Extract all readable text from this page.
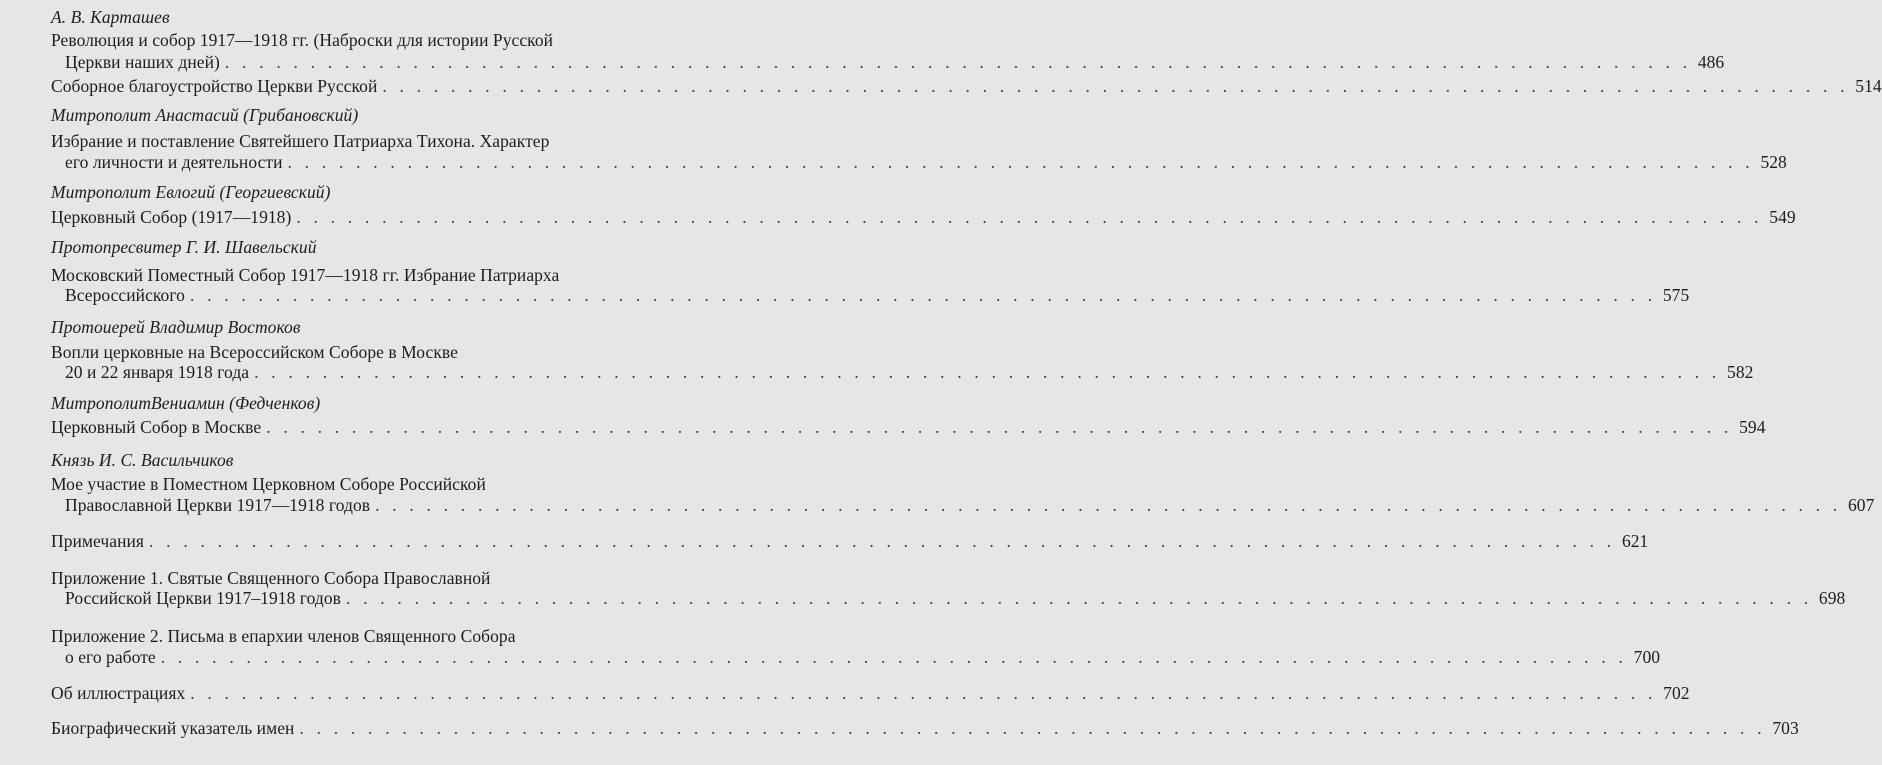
А. В. Карташев
Революция и собор 1917—1918 гг. (Наброски для истории Русской
Церкви наших дней) . . . . . . . . . . . . . . . . . . . . . . . . . . . . . . . . . . . . . . . . . . . . . . . . . . . . . . . . . . . . . . . . . . . . . . . . . . . . . . . . . . . . . . 486
Соборное благоустройство Церкви Русской . . . . . . . . . . . . . . . . . . . . . . . . . . . . . . . . . . . . . . . . . . . . . . . . . . . . . . . . . . . . . . . . . . . . . . . . . . . . . . . . . . . . . . 514
Митрополит Анастасий (Грибановский)
Избрание и поставление Святейшего Патриарха Тихона. Характер
его личности и деятельности . . . . . . . . . . . . . . . . . . . . . . . . . . . . . . . . . . . . . . . . . . . . . . . . . . . . . . . . . . . . . . . . . . . . . . . . . . . . . . . . . . . . . . 528
Митрополит Евлогий (Георгиевский)
Церковный Собор (1917—1918) . . . . . . . . . . . . . . . . . . . . . . . . . . . . . . . . . . . . . . . . . . . . . . . . . . . . . . . . . . . . . . . . . . . . . . . . . . . . . . . . . . . . . . 549
Протопресвитер Г. И. Шавельский
Московский Поместный Собор 1917—1918 гг. Избрание Патриарха
Всероссийского . . . . . . . . . . . . . . . . . . . . . . . . . . . . . . . . . . . . . . . . . . . . . . . . . . . . . . . . . . . . . . . . . . . . . . . . . . . . . . . . . . . . . . 575
Протоиерей Владимир Востоков
Вопли церковные на Всероссийском Соборе в Москве
20 и 22 января 1918 года . . . . . . . . . . . . . . . . . . . . . . . . . . . . . . . . . . . . . . . . . . . . . . . . . . . . . . . . . . . . . . . . . . . . . . . . . . . . . . . . . . . . . . 582
МитрополитВениамин (Федченков)
Церковный Собор в Москве . . . . . . . . . . . . . . . . . . . . . . . . . . . . . . . . . . . . . . . . . . . . . . . . . . . . . . . . . . . . . . . . . . . . . . . . . . . . . . . . . . . . . . 594
Князь И. С. Васильчиков
Мое участие в Поместном Церковном Соборе Российской
Православной Церкви 1917—1918 годов . . . . . . . . . . . . . . . . . . . . . . . . . . . . . . . . . . . . . . . . . . . . . . . . . . . . . . . . . . . . . . . . . . . . . . . . . . . . . . . . . . . . . . 607
Примечания . . . . . . . . . . . . . . . . . . . . . . . . . . . . . . . . . . . . . . . . . . . . . . . . . . . . . . . . . . . . . . . . . . . . . . . . . . . . . . . . . . . . . . 621
Приложение 1. Святые Священного Собора Православной
Российской Церкви 1917–1918 годов . . . . . . . . . . . . . . . . . . . . . . . . . . . . . . . . . . . . . . . . . . . . . . . . . . . . . . . . . . . . . . . . . . . . . . . . . . . . . . . . . . . . . . 698
Приложение 2. Письма в епархии членов Священного Собора
о его работе . . . . . . . . . . . . . . . . . . . . . . . . . . . . . . . . . . . . . . . . . . . . . . . . . . . . . . . . . . . . . . . . . . . . . . . . . . . . . . . . . . . . . . 700
Об иллюстрациях . . . . . . . . . . . . . . . . . . . . . . . . . . . . . . . . . . . . . . . . . . . . . . . . . . . . . . . . . . . . . . . . . . . . . . . . . . . . . . . . . . . . . . 702
Биографический указатель имен . . . . . . . . . . . . . . . . . . . . . . . . . . . . . . . . . . . . . . . . . . . . . . . . . . . . . . . . . . . . . . . . . . . . . . . . . . . . . . . . . . . . . . 703
